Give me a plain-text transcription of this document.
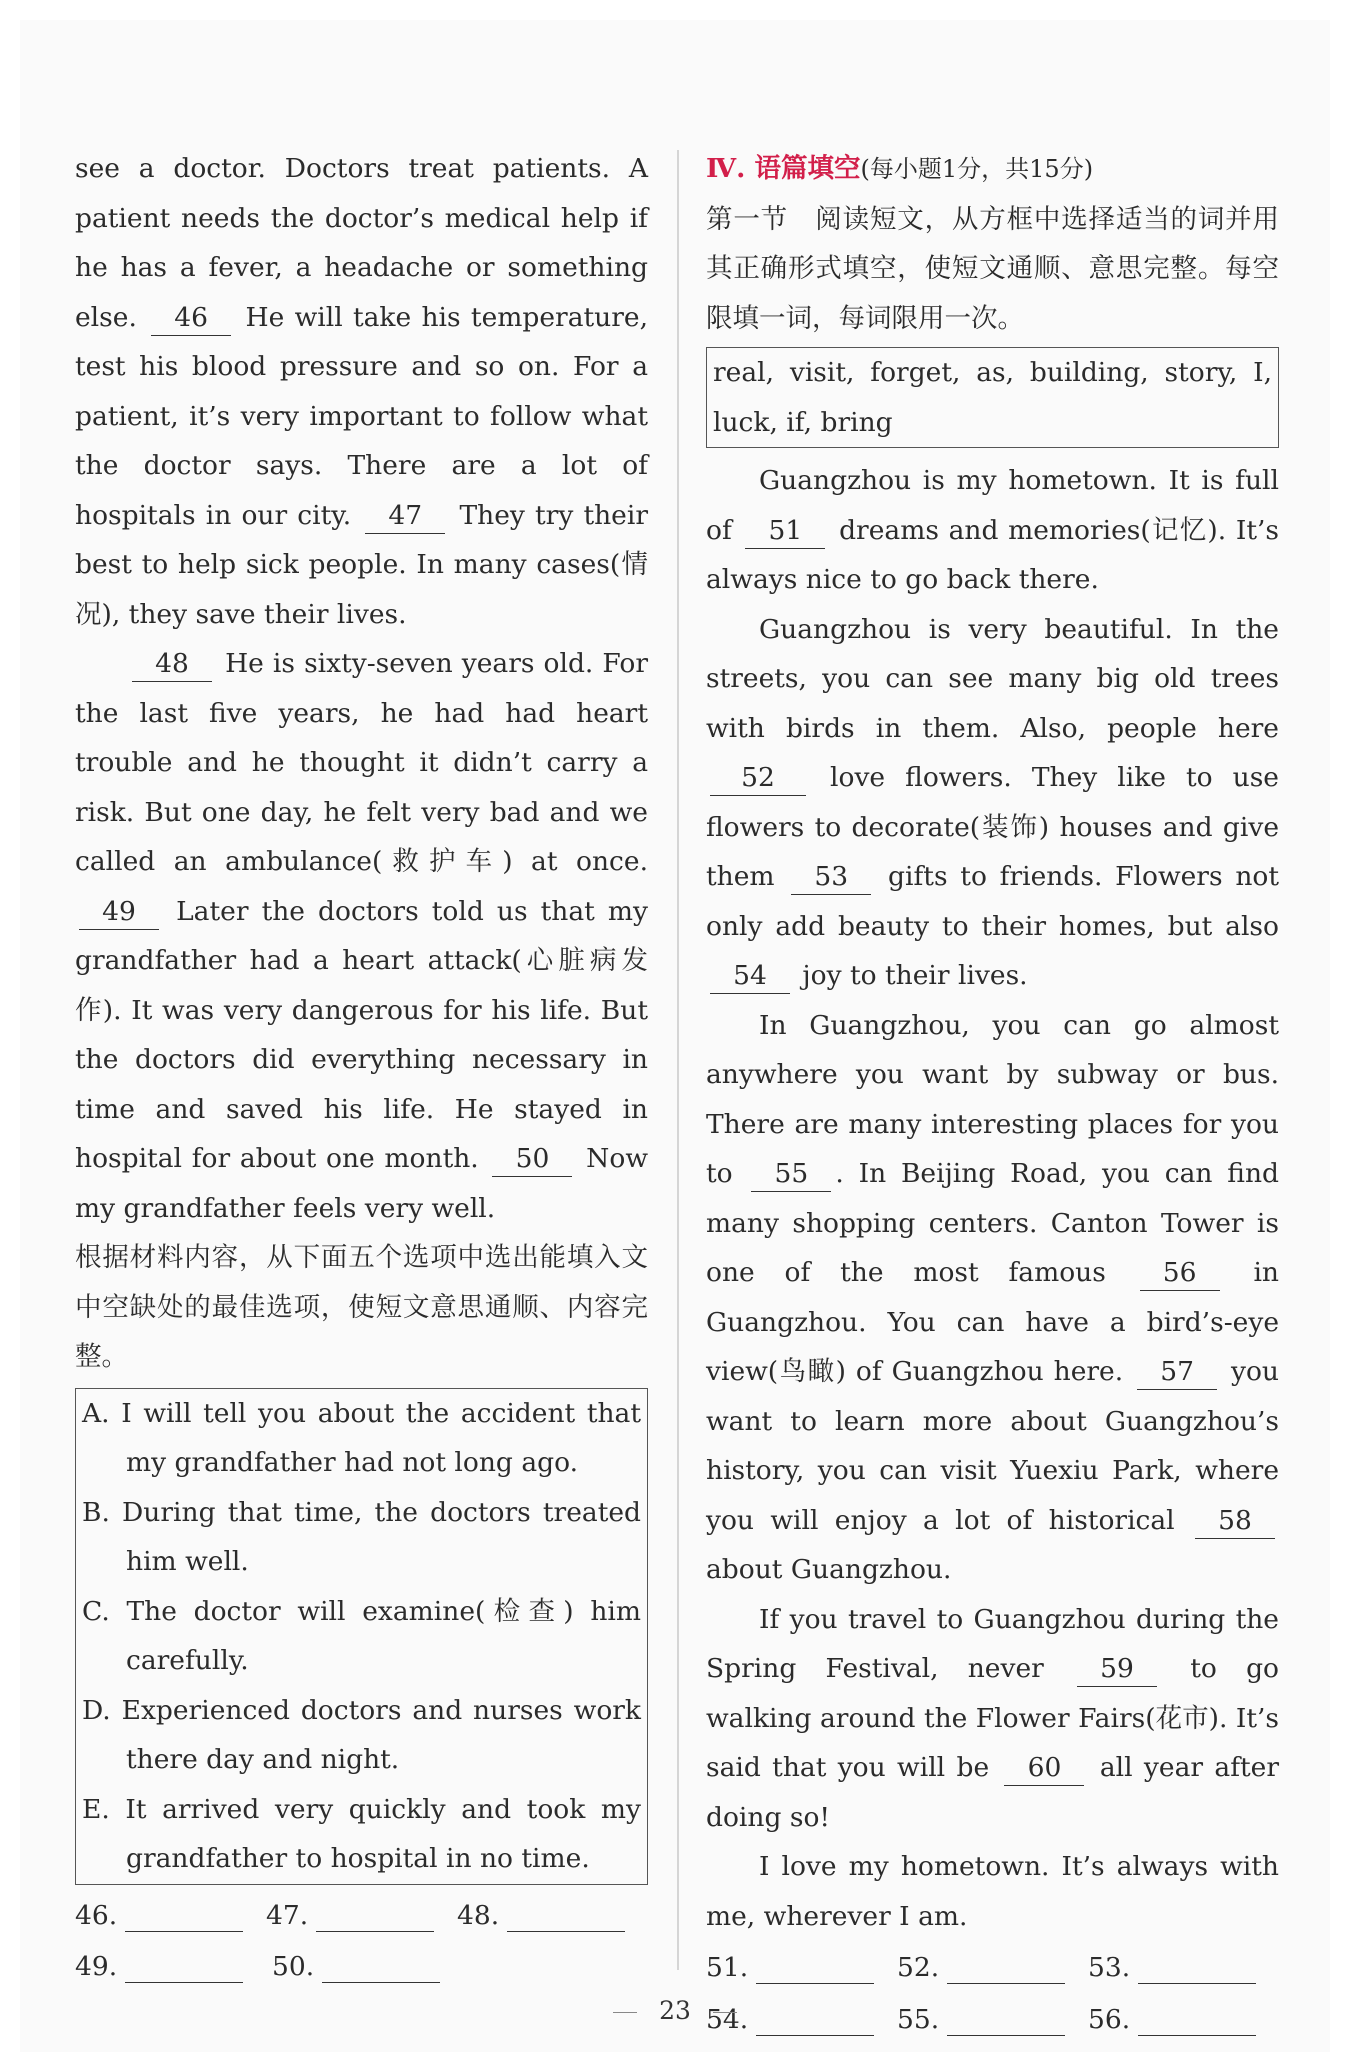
see a doctor. Doctors treat patients. A patient needs the doctor’s medical help if he has a fever, a headache or something else. 46 He will take his temperature, test his blood pressure and so on. For a patient, it’s very important to follow what the doctor says. There are a lot of hospitals in our city. 47 They try their best to help sick people. In many cases(情况), they save their lives.

48 He is sixty-seven years old. For the last five years, he had had heart trouble and he thought it didn’t carry a risk. But one day, he felt very bad and we called an ambulance(救护车) at once. 49 Later the doctors told us that my grandfather had a heart attack(心脏病发作). It was very dangerous for his life. But the doctors did everything necessary in time and saved his life. He stayed in hospital for about one month. 50 Now my grandfather feels very well.

根据材料内容，从下面五个选项中选出能填入文中空缺处的最佳选项，使短文意思通顺、内容完整。

A. I will tell you about the accident that my grandfather had not long ago.

B. During that time, the doctors treated him well.

C. The doctor will examine(检查) him carefully.

D. Experienced doctors and nurses work there day and night.

E. It arrived very quickly and took my grandfather to hospital in no time.

46.	47.	48.
49.	50.

Ⅳ. 语篇填空(每小题1分，共15分)

第一节　阅读短文，从方框中选择适当的词并用其正确形式填空，使短文通顺、意思完整。每空限填一词，每词限用一次。

real, visit, forget, as, building, story, I, luck, if, bring

Guangzhou is my hometown. It is full of 51 dreams and memories(记忆). It’s always nice to go back there.

Guangzhou is very beautiful. In the streets, you can see many big old trees with birds in them. Also, people here 52 love flowers. They like to use flowers to decorate(装饰) houses and give them 53 gifts to friends. Flowers not only add beauty to their homes, but also 54 joy to their lives.

In Guangzhou, you can go almost anywhere you want by subway or bus. There are many interesting places for you to 55 . In Beijing Road, you can find many shopping centers. Canton Tower is one of the most famous 56 in Guangzhou. You can have a bird’s-eye view(鸟瞰) of Guangzhou here. 57 you want to learn more about Guangzhou’s history, you can visit Yuexiu Park, where you will enjoy a lot of historical 58 about Guangzhou.

If you travel to Guangzhou during the Spring Festival, never 59 to go walking around the Flower Fairs(花市). It’s said that you will be 60 all year after doing so!

I love my hometown. It’s always with me, wherever I am.

51.	52.	53.
54.	55.	56.
23
